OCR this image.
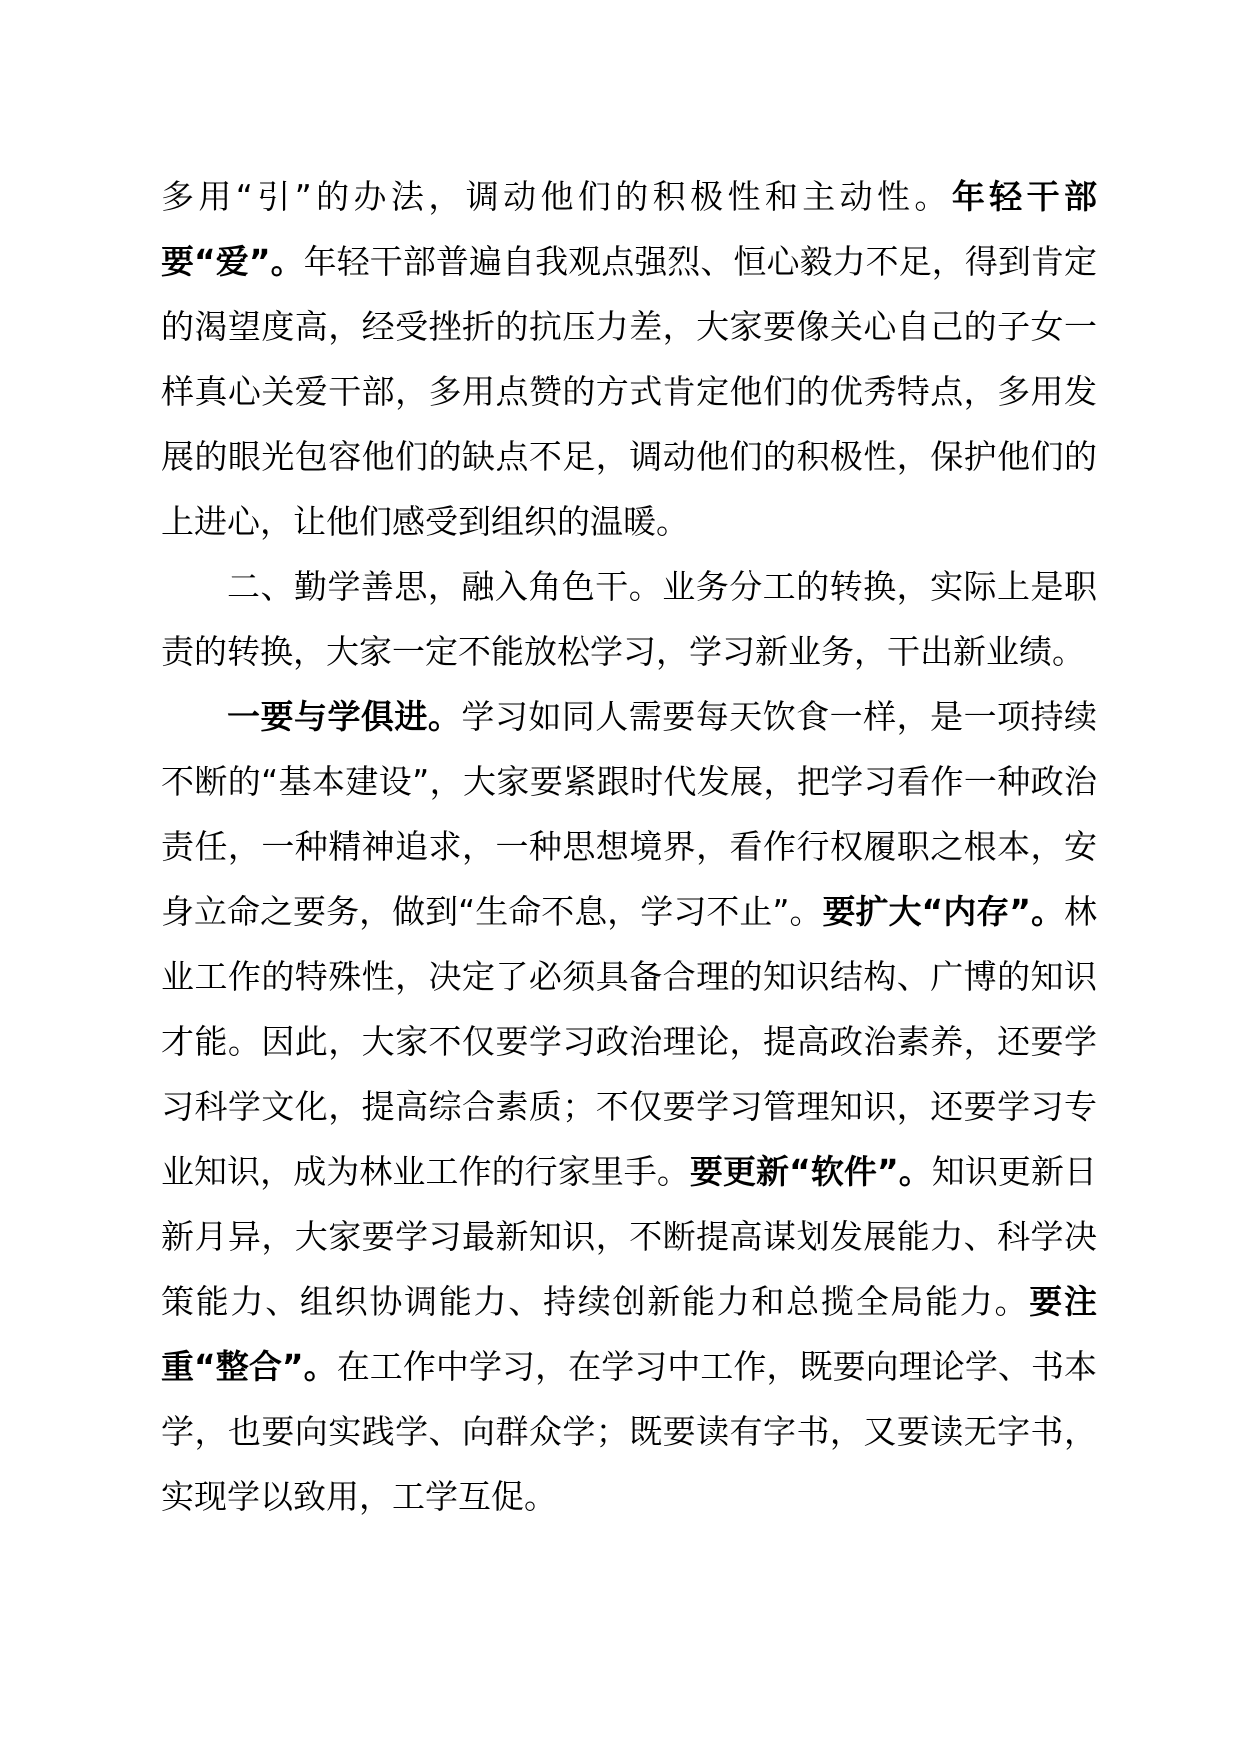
多用“引”的办法，调动他们的积极性和主动性。年轻干部要“爱”。年轻干部普遍自我观点强烈、恒心毅力不足，得到肯定的渴望度高，经受挫折的抗压力差，大家要像关心自己的子女一样真心关爱干部，多用点赞的方式肯定他们的优秀特点，多用发展的眼光包容他们的缺点不足，调动他们的积极性，保护他们的上进心，让他们感受到组织的温暖。

二、勤学善思，融入角色干。业务分工的转换，实际上是职责的转换，大家一定不能放松学习，学习新业务，干出新业绩。

一要与学俱进。学习如同人需要每天饮食一样，是一项持续不断的“基本建设”，大家要紧跟时代发展，把学习看作一种政治责任，一种精神追求，一种思想境界，看作行权履职之根本，安身立命之要务，做到“生命不息，学习不止”。要扩大“内存”。林业工作的特殊性，决定了必须具备合理的知识结构、广博的知识才能。因此，大家不仅要学习政治理论，提高政治素养，还要学习科学文化，提高综合素质；不仅要学习管理知识，还要学习专业知识，成为林业工作的行家里手。要更新“软件”。知识更新日新月异，大家要学习最新知识，不断提高谋划发展能力、科学决策能力、组织协调能力、持续创新能力和总揽全局能力。要注重“整合”。在工作中学习，在学习中工作，既要向理论学、书本学，也要向实践学、向群众学；既要读有字书，又要读无字书，实现学以致用，工学互促。
